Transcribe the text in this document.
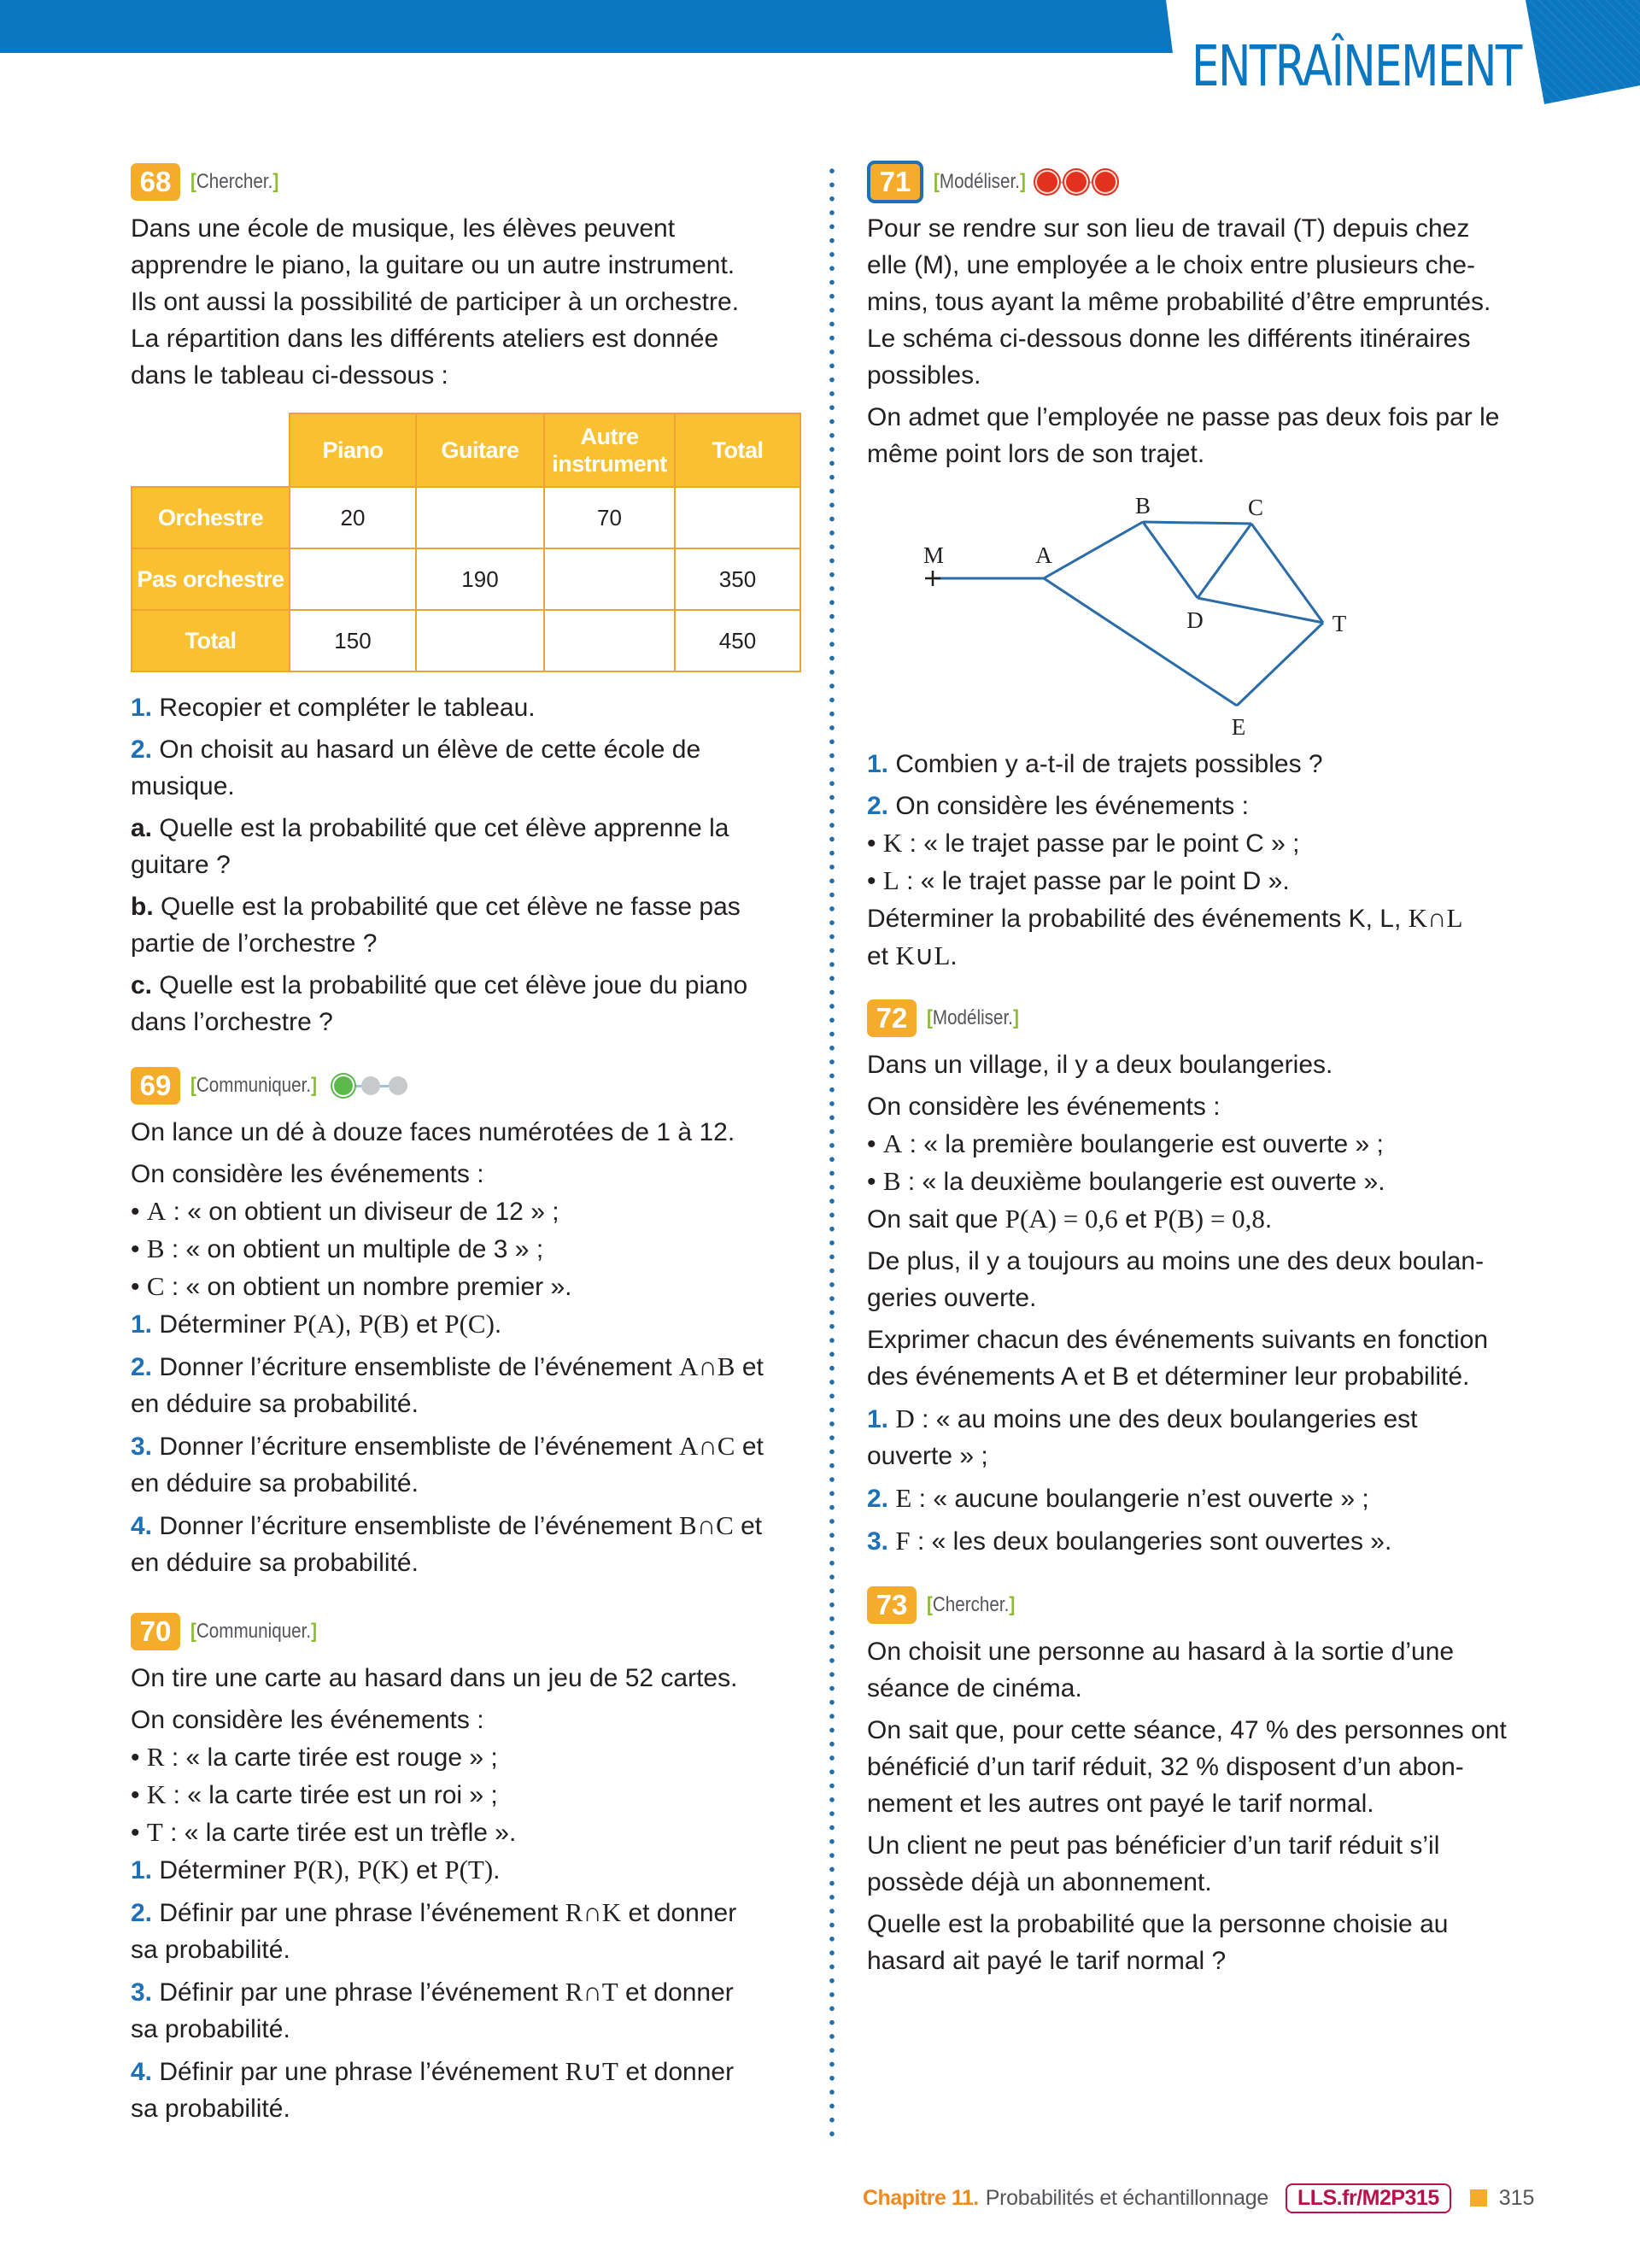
ENTRAÎNEMENT
68 [Chercher.]
Dans une école de musique, les élèves peuvent
apprendre le piano, la guitare ou un autre instrument.
Ils ont aussi la possibilité de participer à un orchestre.
La répartition dans les différents ateliers est donnée
dans le tableau ci-dessous :
	Piano	Guitare	Autre
instrument	Total
Orchestre	20		70	
Pas orchestre		190		350
Total	150			450
1. Recopier et compléter le tableau.
2. On choisit au hasard un élève de cette école de
musique.
a. Quelle est la probabilité que cet élève apprenne la
guitare ?
b. Quelle est la probabilité que cet élève ne fasse pas
partie de l’orchestre ?
c. Quelle est la probabilité que cet élève joue du piano
dans l’orchestre ?
69 [Communiquer.]
On lance un dé à douze faces numérotées de 1 à 12.
On considère les événements :
• A : « on obtient un diviseur de 12 » ;
• B : « on obtient un multiple de 3 » ;
• C : « on obtient un nombre premier ».
1. Déterminer P(A), P(B) et P(C).
2. Donner l’écriture ensembliste de l’événement A∩B et
en déduire sa probabilité.
3. Donner l’écriture ensembliste de l’événement A∩C et
en déduire sa probabilité.
4. Donner l’écriture ensembliste de l’événement B∩C et
en déduire sa probabilité.
70 [Communiquer.]
On tire une carte au hasard dans un jeu de 52 cartes.
On considère les événements :
• R : « la carte tirée est rouge » ;
• K : « la carte tirée est un roi » ;
• T : « la carte tirée est un trèfle ».
1. Déterminer P(R), P(K) et P(T).
2. Définir par une phrase l’événement R∩K et donner
sa probabilité.
3. Définir par une phrase l’événement R∩T et donner
sa probabilité.
4. Définir par une phrase l’événement R∪T et donner
sa probabilité.
71	[Modéliser.]
Pour se rendre sur son lieu de travail (T) depuis chez
elle (M), une employée a le choix entre plusieurs che-
mins, tous ayant la même probabilité d’être empruntés.
Le schéma ci-dessous donne les différents itinéraires
possibles.
On admet que l’employée ne passe pas deux fois par le
même point lors de son trajet.
M	A
B	C
D	T
E
1. Combien y a-t-il de trajets possibles ?
2. On considère les événements :
• K : « le trajet passe par le point C » ;
• L : « le trajet passe par le point D ».
Déterminer la probabilité des événements K, L, K∩L
et K∪L.
72 [Modéliser.]
Dans un village, il y a deux boulangeries.
On considère les événements :
• A : « la première boulangerie est ouverte » ;
• B : « la deuxième boulangerie est ouverte ».
On sait que P(A) = 0,6 et P(B) = 0,8.
De plus, il y a toujours au moins une des deux boulan-
geries ouverte.
Exprimer chacun des événements suivants en fonction
des événements A et B et déterminer leur probabilité.
1. D : « au moins une des deux boulangeries est
ouverte » ;
2. E : « aucune boulangerie n’est ouverte » ;
3. F : « les deux boulangeries sont ouvertes ».
73 [Chercher.]
On choisit une personne au hasard à la sortie d’une
séance de cinéma.
On sait que, pour cette séance, 47 % des personnes ont
bénéficié d’un tarif réduit, 32 % disposent d’un abon-
nement et les autres ont payé le tarif normal.
Un client ne peut pas bénéficier d’un tarif réduit s’il
possède déjà un abonnement.
Quelle est la probabilité que la personne choisie au
hasard ait payé le tarif normal ?
Chapitre 11. Probabilités et échantillonnage	LLS.fr/M2P315	315
